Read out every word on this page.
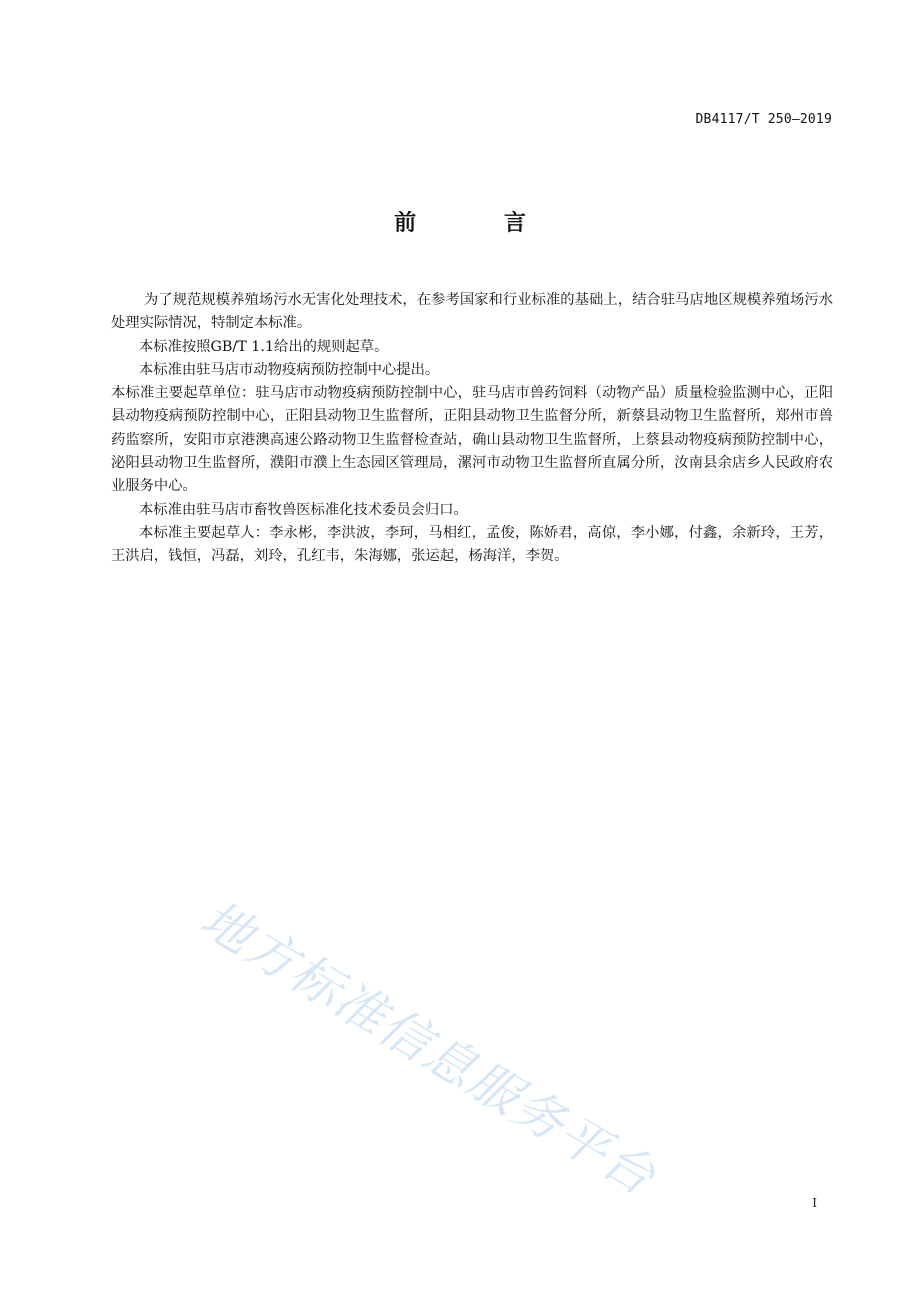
DB4117/T 250—2019
前 言

为了规范规模养殖场污水无害化处理技术，在参考国家和行业标准的基础上，结合驻马店地区规模养殖场污水处理实际情况，特制定本标准。

本标准按照GB/T 1.1给出的规则起草。

本标准由驻马店市动物疫病预防控制中心提出。

本标准主要起草单位：驻马店市动物疫病预防控制中心，驻马店市兽药饲料（动物产品）质量检验监测中心，正阳县动物疫病预防控制中心，正阳县动物卫生监督所，正阳县动物卫生监督分所，新蔡县动物卫生监督所，郑州市兽药监察所，安阳市京港澳高速公路动物卫生监督检查站，确山县动物卫生监督所，上蔡县动物疫病预防控制中心，泌阳县动物卫生监督所，濮阳市濮上生态园区管理局，漯河市动物卫生监督所直属分所，汝南县余店乡人民政府农业服务中心。

本标准由驻马店市畜牧兽医标准化技术委员会归口。

本标准主要起草人：李永彬，李洪波，李珂，马相红，孟俊，陈娇君，高倞，李小娜，付鑫，余新玲，王芳，王洪启，钱恒，冯磊，刘玲，孔红韦，朱海娜，张运起，杨海洋，李贺。

地方标准信息服务平台	I
